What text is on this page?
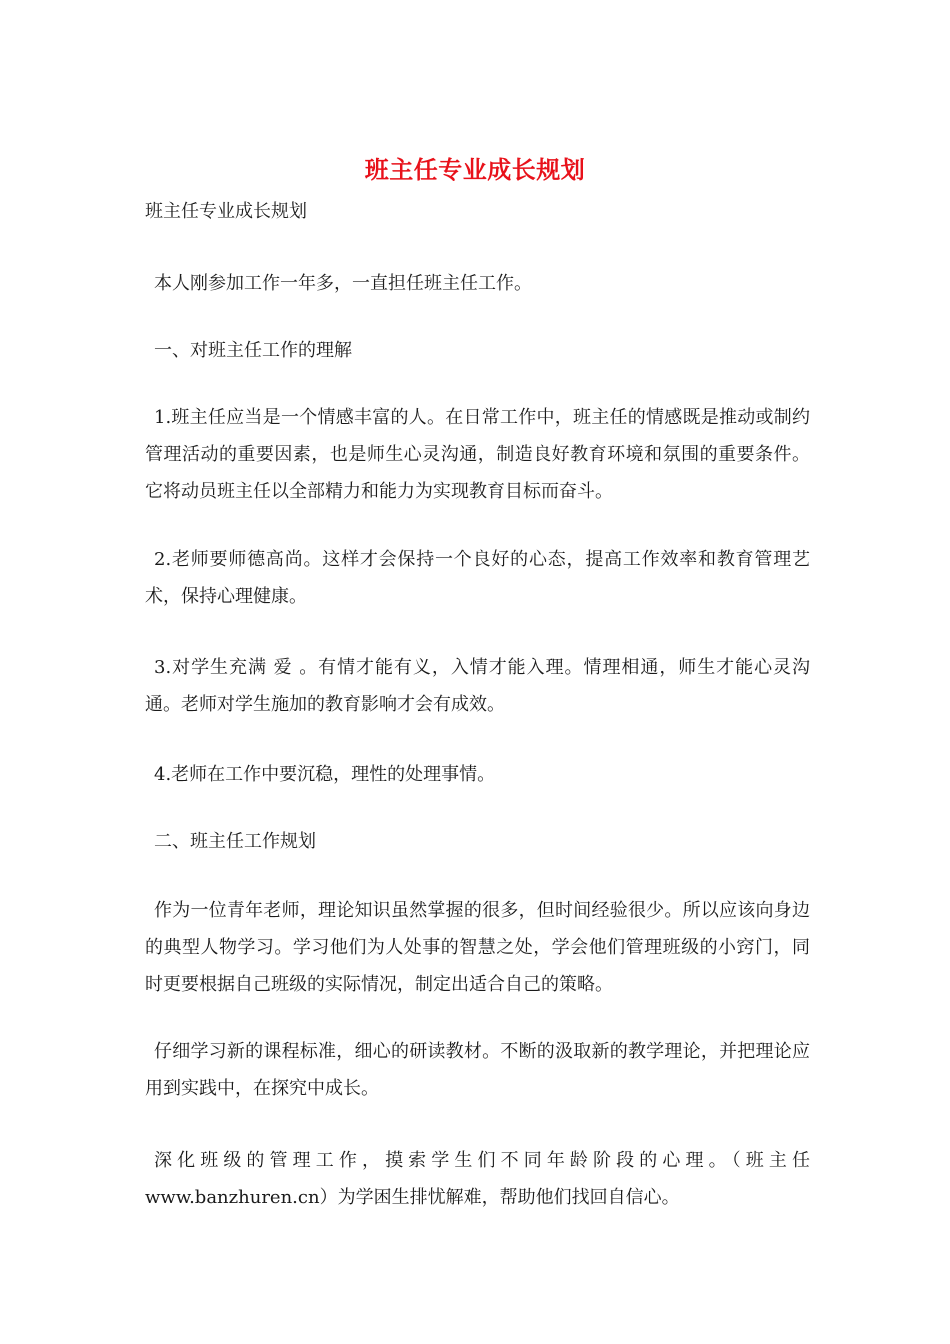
班主任专业成长规划

班主任专业成长规划

本人刚参加工作一年多，一直担任班主任工作。

一、对班主任工作的理解

1.班主任应当是一个情感丰富的人。在日常工作中，班主任的情感既是推动或制约管理活动的重要因素，也是师生心灵沟通，制造良好教育环境和氛围的重要条件。它将动员班主任以全部精力和能力为实现教育目标而奋斗。

2.老师要师德高尚。这样才会保持一个良好的心态，提高工作效率和教育管理艺术，保持心理健康。

3.对学生充满 爱 。有情才能有义，入情才能入理。情理相通，师生才能心灵沟通。老师对学生施加的教育影响才会有成效。

4.老师在工作中要沉稳，理性的处理事情。

二、班主任工作规划

作为一位青年老师，理论知识虽然掌握的很多，但时间经验很少。所以应该向身边的典型人物学习。学习他们为人处事的智慧之处，学会他们管理班级的小窍门，同时更要根据自己班级的实际情况，制定出适合自己的策略。

仔细学习新的课程标准，细心的研读教材。不断的汲取新的教学理论，并把理论应用到实践中，在探究中成长。

深化班级的管理工作，摸索学生们不同年龄阶段的心理。（班主任www.banzhuren.cn）为学困生排忧解难，帮助他们找回自信心。
